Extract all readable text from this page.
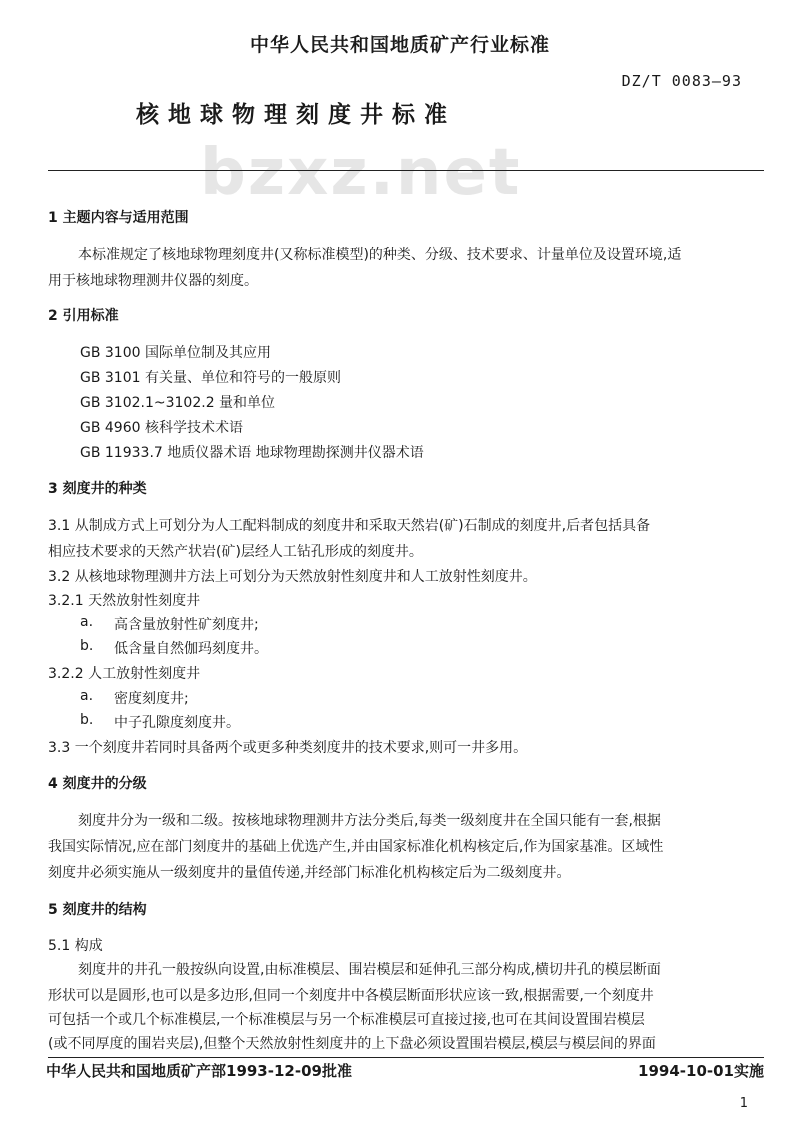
中华人民共和国地质矿产行业标准
DZ/T 0083—93
核地球物理刻度井标准
bzxz.net
1 主题内容与适用范围
本标准规定了核地球物理刻度井(又称标准模型)的种类、分级、技术要求、计量单位及设置环境,适
用于核地球物理测井仪器的刻度。
2 引用标准
GB 3100 国际单位制及其应用
GB 3101 有关量、单位和符号的一般原则
GB 3102.1~3102.2 量和单位
GB 4960 核科学技术术语
GB 11933.7 地质仪器术语 地球物理勘探测井仪器术语
3 刻度井的种类
3.1 从制成方式上可划分为人工配料制成的刻度井和采取天然岩(矿)石制成的刻度井,后者包括具备
相应技术要求的天然产状岩(矿)层经人工钻孔形成的刻度井。
3.2 从核地球物理测井方法上可划分为天然放射性刻度井和人工放射性刻度井。
3.2.1 天然放射性刻度井
a. 高含量放射性矿刻度井;
b. 低含量自然伽玛刻度井。
3.2.2 人工放射性刻度井
a. 密度刻度井;
b. 中子孔隙度刻度井。
3.3 一个刻度井若同时具备两个或更多种类刻度井的技术要求,则可一井多用。
4 刻度井的分级
刻度井分为一级和二级。按核地球物理测井方法分类后,每类一级刻度井在全国只能有一套,根据
我国实际情况,应在部门刻度井的基础上优选产生,并由国家标准化机构核定后,作为国家基准。区域性
刻度井必须实施从一级刻度井的量值传递,并经部门标准化机构核定后为二级刻度井。
5 刻度井的结构
5.1 构成
刻度井的井孔一般按纵向设置,由标准模层、围岩模层和延伸孔三部分构成,横切井孔的模层断面
形状可以是圆形,也可以是多边形,但同一个刻度井中各模层断面形状应该一致,根据需要,一个刻度井
可包括一个或几个标准模层,一个标准模层与另一个标准模层可直接过接,也可在其间设置围岩模层
(或不同厚度的围岩夹层),但整个天然放射性刻度井的上下盘必须设置围岩模层,模层与模层间的界面
中华人民共和国地质矿产部1993-12-09批准	1994-10-01实施
1
